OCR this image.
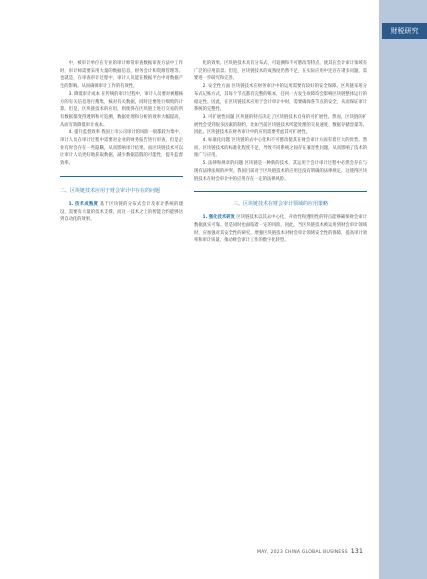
财税研究

中，被审计单位在专业的审计师常审查数据审查方法中工作时，审计师需要采用大量的数据信息，财务会计和资源管理等。也就是，在审查审计过程中，审计人员能在数据平台中对数据产生的影响。从而确保审计工作的有效性。

3. 降低审计成本 在传统的审计过程中，审计人员要对被稽核方的有关信息进行搜集，核对有关数据，同时还要进行细致的计算。但是，区块链技术的应用，则使得在区块链上进行交易的所有数据都变得透明和可追溯，数据处理和分析的效率大幅提高，从而有效降低审计成本。

4. 提升监督效率 我国上市公司审计的风险一般都较为集中，审计人员在审计过程中需要对企业的财务报告进行审查，但是企业有时会存在一些隐瞒，从而影响审计结果。而区块链技术可以让审计人员更好地获取数据，减少数据造假的可能性，提升监督效率。

二、区块链技术应用于财会审计中存在的问题

1. 技术成熟度 基于区块链的分布式会计及审计系统的建设，需要有大量的技术支撑，而这一技术之上的智能合约能够达到自动化的效果。

化的效果。区块链技术具有分布式、可追溯和不可篡改等特点，使其在会计审计领域有广泛的应用前景。但是，区块链技术的成熟度仍然不足，在实际应用中还存在诸多问题，需要进一步研究和完善。

2. 安全性方面 区块链技术在财务审计中的运用需要有较好的安全保障。区块链采用分布式记账方式，其每个节点都有完整的账本，任何一方发生故障均会影响区块链整体运行的稳定性。因此，在区块链技术应用于会计审计中时，需要确保各节点的安全，从而保证审计系统的完整性。

3. 可扩展性问题 区块链的特点决定了区块链技术自身的可扩展性。然而，区块链的扩展性会受到很多因素的制约，比如当前区块链技术所能处理的交易速度、数据存储容量等。因此，区块链技术在财务审计中的应用需要考虑其可扩展性。

4. 标准化问题 区块链的去中心化和不可篡改使其在财会审计方面有着巨大的优势。然而，区块链技术的标准化程度不足，导致不同系统之间存在兼容性问题，从而影响了技术的推广与应用。

5. 法律和规章的问题 区块链是一种新的技术，其运用于会计审计过程中必然会存在与现有法律法规的冲突。我国目前对于区块链技术的应用还没有明确的法律规定，这使得区块链技术在财会审计中的应用存在一定的法律风险。

三、区块链技术在财会审计领域的应用策略

1. 强化技术研发 区块链技术以其去中心化、开放性和透明性的特点能够确保财会审计数据真实可靠。但是同时也面临着一定的风险。因此，当区块链技术被运用到财会审计领域时，应加强对其安全性的研究。增强区块链技术对财会审计领域安全性的保障，提高审计效率和审计质量，推动财会审计工作的数字化转型。

MAY, 2023 CHINA GLOBAL BUSINESS 131
